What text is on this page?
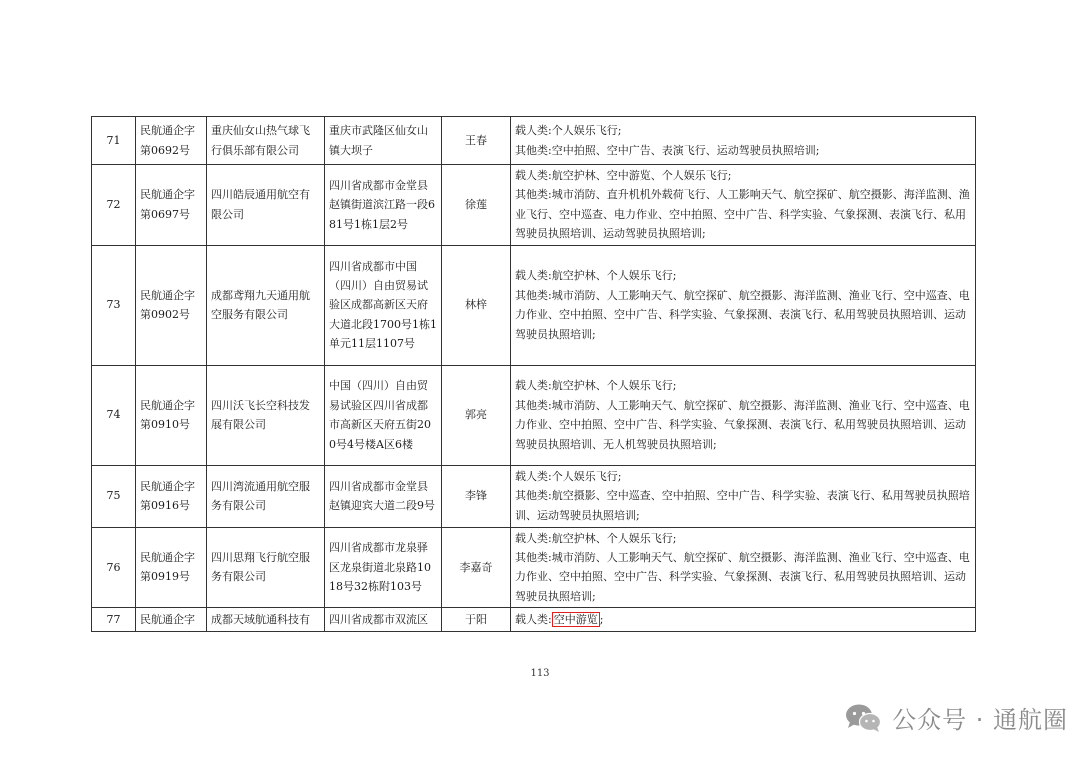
71	民航通企字第0692号	重庆仙女山热气球飞行俱乐部有限公司	重庆市武隆区仙女山镇大坝子	王春	载人类:个人娱乐飞行;
其他类:空中拍照、空中广告、表演飞行、运动驾驶员执照培训;

72	民航通企字第0697号	四川皓辰通用航空有限公司	四川省成都市金堂县赵镇街道滨江路一段681号1栋1层2号	徐莲	载人类:航空护林、空中游览、个人娱乐飞行;
其他类:城市消防、直升机机外载荷飞行、人工影响天气、航空探矿、航空摄影、海洋监测、渔业飞行、空中巡查、电力作业、空中拍照、空中广告、科学实验、气象探测、表演飞行、私用驾驶员执照培训、运动驾驶员执照培训;

73	民航通企字第0902号	成都鸢翔九天通用航空服务有限公司	四川省成都市中国（四川）自由贸易试验区成都高新区天府大道北段1700号1栋1单元11层1107号	林梓	载人类:航空护林、个人娱乐飞行;
其他类:城市消防、人工影响天气、航空探矿、航空摄影、海洋监测、渔业飞行、空中巡查、电力作业、空中拍照、空中广告、科学实验、气象探测、表演飞行、私用驾驶员执照培训、运动驾驶员执照培训;

74	民航通企字第0910号	四川沃飞长空科技发展有限公司	中国（四川）自由贸易试验区四川省成都市高新区天府五街200号4号楼A区6楼	郭亮	载人类:航空护林、个人娱乐飞行;
其他类:城市消防、人工影响天气、航空探矿、航空摄影、海洋监测、渔业飞行、空中巡查、电力作业、空中拍照、空中广告、科学实验、气象探测、表演飞行、私用驾驶员执照培训、运动驾驶员执照培训、无人机驾驶员执照培训;

75	民航通企字第0916号	四川湾流通用航空服务有限公司	四川省成都市金堂县赵镇迎宾大道二段9号	李锋	载人类:个人娱乐飞行;
其他类:航空摄影、空中巡查、空中拍照、空中广告、科学实验、表演飞行、私用驾驶员执照培训、运动驾驶员执照培训;

76	民航通企字第0919号	四川思翔飞行航空服务有限公司	四川省成都市龙泉驿区龙泉街道北泉路1018号32栋附103号	李嘉奇	载人类:航空护林、个人娱乐飞行;
其他类:城市消防、人工影响天气、航空探矿、航空摄影、海洋监测、渔业飞行、空中巡查、电力作业、空中拍照、空中广告、科学实验、气象探测、表演飞行、私用驾驶员执照培训、运动驾驶员执照培训;

77	民航通企字	成都天域航通科技有	四川省成都市双流区	于阳	载人类: 空中游览 ;
113
公众号 · 通航圈
